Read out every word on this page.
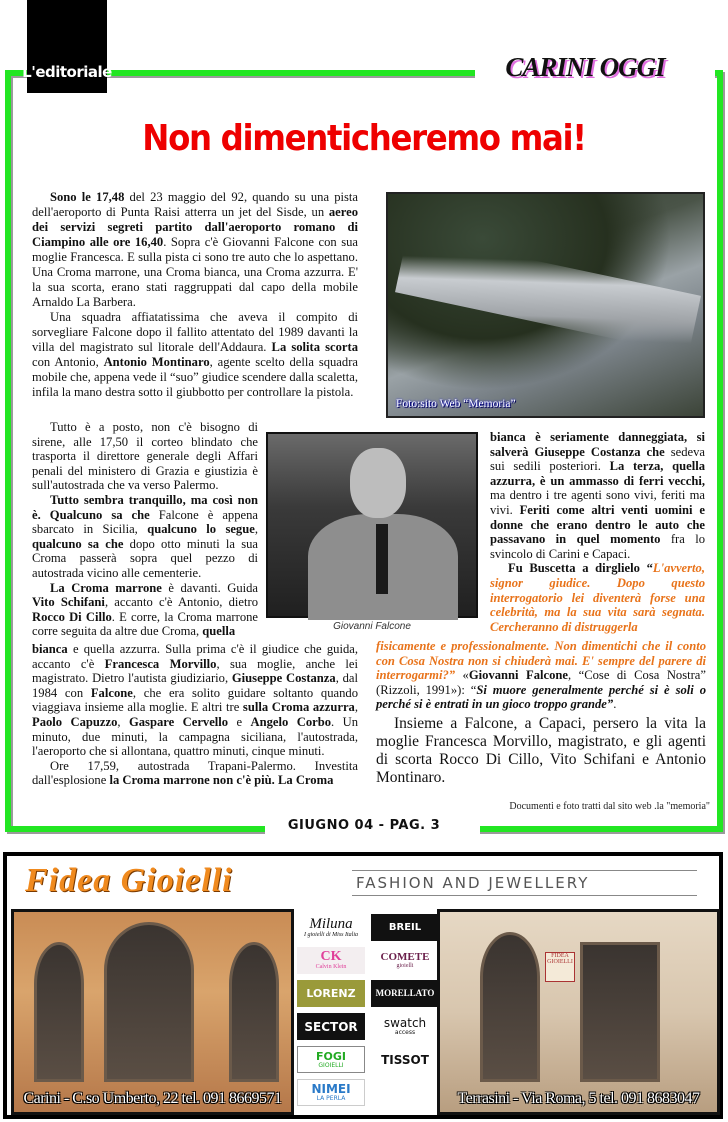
L'editoriale	CARINI OGGI
Non dimenticheremo mai!

Sono le 17,48 del 23 maggio del 92, quando su una pista dell'aeroporto di Punta Raisi atterra un jet del Sisde, un aereo dei servizi segreti partito dall'aeroporto romano di Ciampino alle ore 16,40. Sopra c'è Giovanni Falcone con sua moglie Francesca. E sulla pista ci sono tre auto che lo aspettano. Una Croma marrone, una Croma bianca, una Croma azzurra. E' la sua scorta, erano stati raggruppati dal capo della mobile Arnaldo La Barbera.

Una squadra affiatatissima che aveva il compito di sorvegliare Falcone dopo il fallito attentato del 1989 davanti la villa del magistrato sul litorale dell'Addaura. La solita scorta con Antonio, Antonio Montinaro, agente scelto della squadra mobile che, appena vede il “suo” giudice scendere dalla scaletta, infila la mano destra sotto il giubbotto per controllare la pistola.

Foto:sito Web “Memoria”

Tutto è a posto, non c'è bisogno di sirene, alle 17,50 il corteo blindato che trasporta il direttore generale degli Affari penali del ministero di Grazia e giustizia è sull'autostrada che va verso Palermo.

Tutto sembra tranquillo, ma così non è. Qualcuno sa che Falcone è appena sbarcato in Sicilia, qualcuno lo segue, qualcuno sa che dopo otto minuti la sua Croma passerà sopra quel pezzo di autostrada vicino alle cementerie.

La Croma marrone è davanti. Guida Vito Schifani, accanto c'è Antonio, dietro Rocco Di Cillo. E corre, la Croma marrone corre seguita da altre due Croma, quella	Giovanni Falcone

bianca e quella azzurra. Sulla prima c'è il giudice che guida, accanto c'è Francesca Morvillo, sua moglie, anche lei magistrato. Dietro l'autista giudiziario, Giuseppe Costanza, dal 1984 con Falcone, che era solito guidare soltanto quando viaggiava insieme alla moglie. E altri tre sulla Croma azzurra, Paolo Capuzzo, Gaspare Cervello e Angelo Corbo. Un minuto, due minuti, la campagna siciliana, l'autostrada, l'aeroporto che si allontana, quattro minuti, cinque minuti.

Ore 17,59, autostrada Trapani-Palermo. Investita dall'esplosione la Croma marrone non c'è più. La Croma

bianca è seriamente danneggiata, si salverà Giuseppe Costanza che sedeva sui sedili posteriori. La terza, quella azzurra, è un ammasso di ferri vecchi, ma dentro i tre agenti sono vivi, feriti ma vivi. Feriti come altri venti uomini e donne che erano dentro le auto che passavano in quel momento fra lo svincolo di Carini e Capaci.

Fu Buscetta a dirglielo “L'avverto, signor giudice. Dopo questo interrogatorio lei diventerà forse una celebrità, ma la sua vita sarà segnata. Cercheranno di distruggerla

fisicamente e professionalmente. Non dimentichi che il conto con Cosa Nostra non si chiuderà mai. E' sempre del parere di interrogarmi?” «Giovanni Falcone, “Cose di Cosa Nostra” (Rizzoli, 1991»): “Si muore generalmente perché si è soli o perché si è entrati in un gioco troppo grande”.

Insieme a Falcone, a Capaci, persero la vita la moglie Francesca Morvillo, magistrato, e gli agenti di scorta Rocco Di Cillo, Vito Schifani e Antonio Montinaro.

Documenti e foto tratti dal sito web .la "memoria"
GIUGNO 04 - PAG. 3
Fidea Gioielli	FASHION AND JEWELLERY
Carini - C.so Umberto, 22 tel. 091 8669571
Miluna
I gioielli di Miss Italia
BREIL
CK
Calvin Klein
COMETE
gioielli
LORENZ MORELLATO
SECTOR swatch
access
FOGI
GIOIELLI	TISSOT
NIMEI
LA PERLA
FIDEA GIOIELLI
Terrasini - Via Roma, 5 tel. 091 8683047
